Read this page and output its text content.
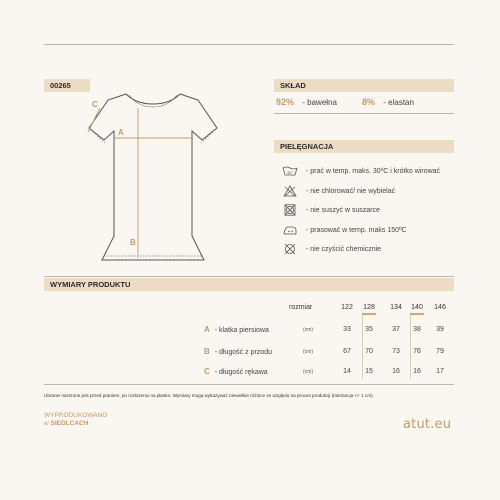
00265
C
A
B
SKŁAD
92% - bawełna	8% - elastan
PIELĘGNACJA
30° - prać w temp. maks. 30ºC i krótko wirować
- nie chlorować/ nie wybielać
- nie suszyć w suszarce
- prasować w temp. maks 150ºC
- nie czyścić chemicznie
WYMIARY PRODUKTU
rozmiar	122	128	134	140	146
A - klatka piersiowa	(cm)	33	35	37	38	39
B - długość z przodu	(cm)	67	70	73	76	79
C - długość rękawa	(cm)	14	15	16	16	17
Ubranie mierzone jest przed praniem, po rozłożeniu na płasko. Wymiary mogą wykazywać niewielkie różnice ze względu na proces produkcji (tolerancja +/- 1 cm).
WYPRODUKOWANO
w SIEDLCACH	atut.eu
